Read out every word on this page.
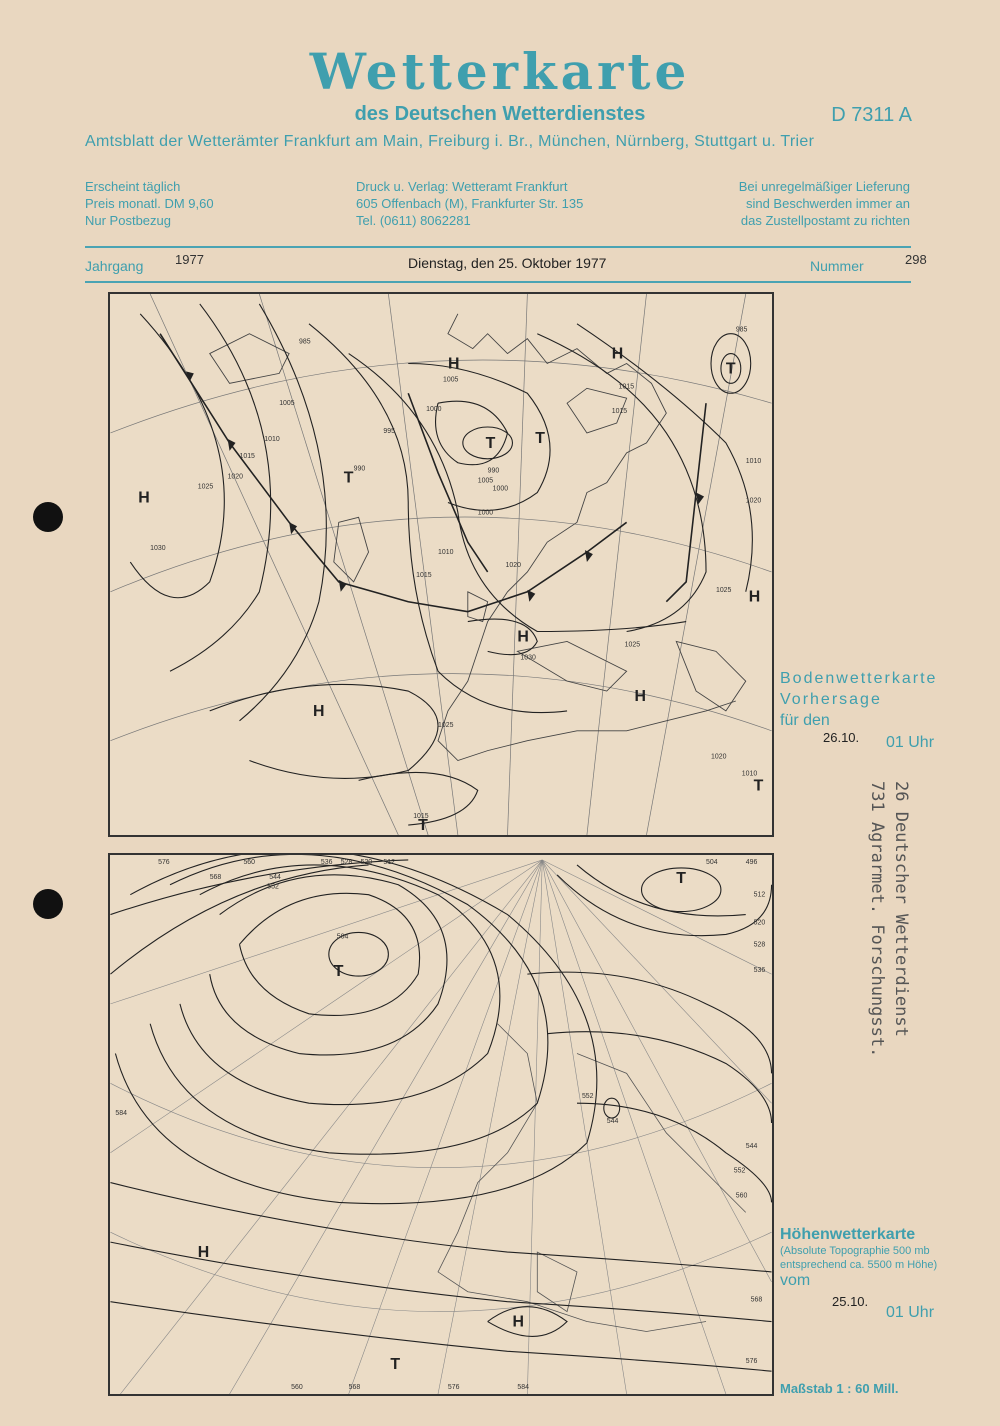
Wetterkarte
des Deutschen Wetterdienstes	D 7311 A
Amtsblatt der Wetterämter Frankfurt am Main, Freiburg i. Br., München, Nürnberg, Stuttgart u. Trier
Erscheint täglich
Preis monatl. DM 9,60
Nur Postbezug
Druck u. Verlag: Wetteramt Frankfurt
605 Offenbach (M), Frankfurter Str. 135
Tel. (0611) 8062281
Bei unregelmäßiger Lieferung
sind Beschwerden immer an
das Zustellpostamt zu richten
Jahrgang 1977	Dienstag, den 25. Oktober 1977	Nummer	298
H
H
T
H
T T
H
H
H
H
T
T
T
985
1005
1000
995
990
1010
1015
1020
1025
1030
1025
1020
1015
1005
1000
1010
1030
1025
1020
1010
1015
985
990
1000
1005
1010
1015
1020
1025
1015
Bodenwetterkarte
Vorhersage
für den
26.10. 01 Uhr
T
T
H
H
T
576
568
560
552
544
536 528 520 512	496
504
512
520
528
536
544
552
560
568
576
584
504
544
552
560	568	576	584
Höhenwetterkarte
(Absolute Topographie 500 mb
entsprechend ca. 5500 m Höhe)
vom
25.10.
01 Uhr
Maßstab 1 : 60 Mill.
26 Deutscher Wetterdienst
731 Agrarmet. Forschungsst.
